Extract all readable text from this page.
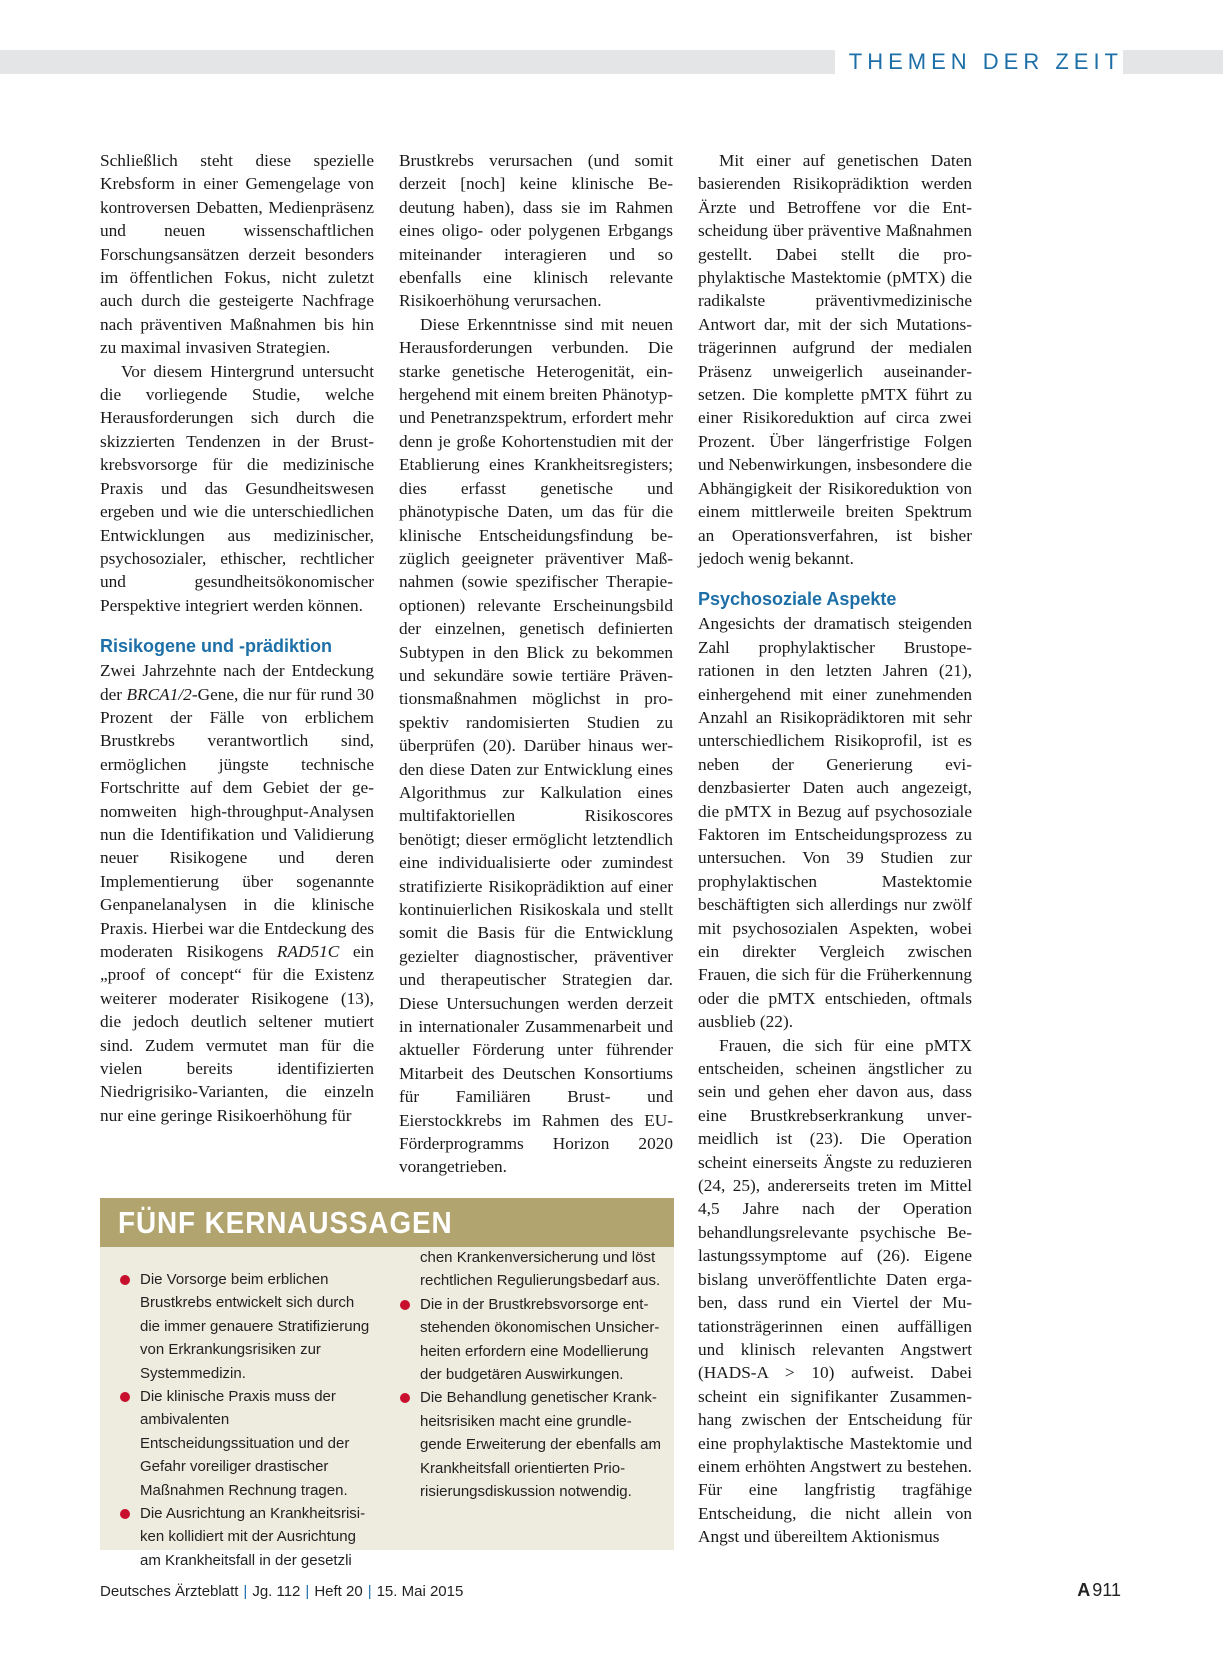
THEMEN DER ZEIT

Schließlich steht diese spezielle Krebsform in einer Gemengelage von kontroversen Debatten, Medienpräsenz und neuen wissenschaftlichen Forschungsansätzen derzeit besonders im öffentlichen Fokus, nicht zuletzt auch durch die gesteigerte Nachfrage nach präventiven Maßnahmen bis hin zu maximal invasiven Strategien.

Vor diesem Hintergrund untersucht die vorliegende Studie, welche Herausforderungen sich durch die skizzierten Tendenzen in der Brustkrebsvorsorge für die medizinische Praxis und das Gesundheitswesen ergeben und wie die unterschiedlichen Entwicklungen aus medizinischer, psychosozialer, ethischer, rechtlicher und gesundheitsökonomischer Perspektive integriert werden können.

Risikogene und -prädiktion

Zwei Jahrzehnte nach der Entdeckung der BRCA1/2-Gene, die nur für rund 30 Prozent der Fälle von erblichem Brustkrebs verantwortlich sind, ermöglichen jüngste technische Fortschritte auf dem Gebiet der genomweiten high-throughput-Analysen nun die Identifikation und Validierung neuer Risikogene und deren Implementierung über sogenannte Genpanelanalysen in die klinische Praxis. Hierbei war die Entdeckung des moderaten Risikogens RAD51C ein „proof of concept“ für die Existenz weiterer moderater Risikogene (13), die jedoch deutlich seltener mutiert sind. Zudem vermutet man für die vielen bereits identifizierten Niedrigrisiko-Varianten, die einzeln nur eine geringe Risikoerhöhung für

Brustkrebs verursachen (und somit derzeit [noch] keine klinische Bedeutung haben), dass sie im Rahmen eines oligo- oder polygenen Erbgangs miteinander interagieren und so ebenfalls eine klinisch relevante Risikoerhöhung verursachen.

Diese Erkenntnisse sind mit neuen Herausforderungen verbunden. Die starke genetische Heterogenität, einhergehend mit einem breiten Phänotyp- und Penetranzspektrum, erfordert mehr denn je große Kohortenstudien mit der Etablierung eines Krankheitsregisters; dies erfasst genetische und phänotypische Daten, um das für die klinische Entscheidungsfindung bezüglich geeigneter präventiver Maßnahmen (sowie spezifischer Therapieoptionen) relevante Erscheinungsbild der einzelnen, genetisch definierten Subtypen in den Blick zu bekommen und sekundäre sowie tertiäre Präventionsmaßnahmen möglichst in prospektiv randomisierten Studien zu überprüfen (20). Darüber hinaus werden diese Daten zur Entwicklung eines Algorithmus zur Kalkulation eines multifaktoriellen Risikoscores benötigt; dieser ermöglicht letztendlich eine individualisierte oder zumindest stratifizierte Risikoprädiktion auf einer kontinuierlichen Risikoskala und stellt somit die Basis für die Entwicklung gezielter diagnostischer, präventiver und therapeutischer Strategien dar. Diese Untersuchungen werden derzeit in internationaler Zusammenarbeit und aktueller Förderung unter führender Mitarbeit des Deutschen Konsortiums für Familiären Brust- und Eierstockkrebs im Rahmen des EU-Förderprogramms Horizon 2020 vorangetrieben.

Mit einer auf genetischen Daten basierenden Risikoprädiktion werden Ärzte und Betroffene vor die Entscheidung über präventive Maßnahmen gestellt. Dabei stellt die prophylaktische Mastektomie (pMTX) die radikalste präventivmedizinische Antwort dar, mit der sich Mutationsträgerinnen aufgrund der medialen Präsenz unweigerlich auseinandersetzen. Die komplette pMTX führt zu einer Risikoreduktion auf circa zwei Prozent. Über längerfristige Folgen und Nebenwirkungen, insbesondere die Abhängigkeit der Risikoreduktion von einem mittlerweile breiten Spektrum an Operationsverfahren, ist bisher jedoch wenig bekannt.

Psychosoziale Aspekte

Angesichts der dramatisch steigenden Zahl prophylaktischer Brustoperationen in den letzten Jahren (21), einhergehend mit einer zunehmenden Anzahl an Risikoprädiktoren mit sehr unterschiedlichem Risikoprofil, ist es neben der Generierung evidenzbasierter Daten auch angezeigt, die pMTX in Bezug auf psychosoziale Faktoren im Entscheidungsprozess zu untersuchen. Von 39 Studien zur prophylaktischen Mastektomie beschäftigten sich allerdings nur zwölf mit psychosozialen Aspekten, wobei ein direkter Vergleich zwischen Frauen, die sich für die Früherkennung oder die pMTX entschieden, oftmals ausblieb (22).

Frauen, die sich für eine pMTX entscheiden, scheinen ängstlicher zu sein und gehen eher davon aus, dass eine Brustkrebserkrankung unvermeidlich ist (23). Die Operation scheint einerseits Ängste zu reduzieren (24, 25), andererseits treten im Mittel 4,5 Jahre nach der Operation behandlungsrelevante psychische Belastungssymptome auf (26). Eigene bislang unveröffentlichte Daten ergaben, dass rund ein Viertel der Mutationsträgerinnen einen auffälligen und klinisch relevanten Angstwert (HADS-A > 10) aufweist. Dabei scheint ein signifikanter Zusammenhang zwischen der Entscheidung für eine prophylaktische Mastektomie und einem erhöhten Angstwert zu bestehen. Für eine langfristig tragfähige Entscheidung, die nicht allein von Angst und übereiltem Aktionismus

FÜNF KERNAUSSAGEN
Die Vorsorge beim erblichen Brustkrebs entwickelt sich durch die immer genauere Stratifizierung von Erkrankungsrisiken zur Systemmedizin.
Die klinische Praxis muss der ambivalenten Entscheidungssituation und der Gefahr voreiliger drastischer Maßnahmen Rechnung tragen.
Die Ausrichtung an Krankheitsrisiken kollidiert mit der Ausrichtung am Krankheitsfall in der gesetzli
chen Krankenversicherung und löst rechtlichen Regulierungsbedarf aus.
Die in der Brustkrebsvorsorge entstehenden ökonomischen Unsicherheiten erfordern eine Modellierung der budgetären Auswirkungen.
Die Behandlung genetischer Krankheitsrisiken macht eine grundlegende Erweiterung der ebenfalls am Krankheitsfall orientierten Priorisierungsdiskussion notwendig.
Deutsches Ärzteblatt | Jg. 112 | Heft 20 | 15. Mai 2015	A 911
